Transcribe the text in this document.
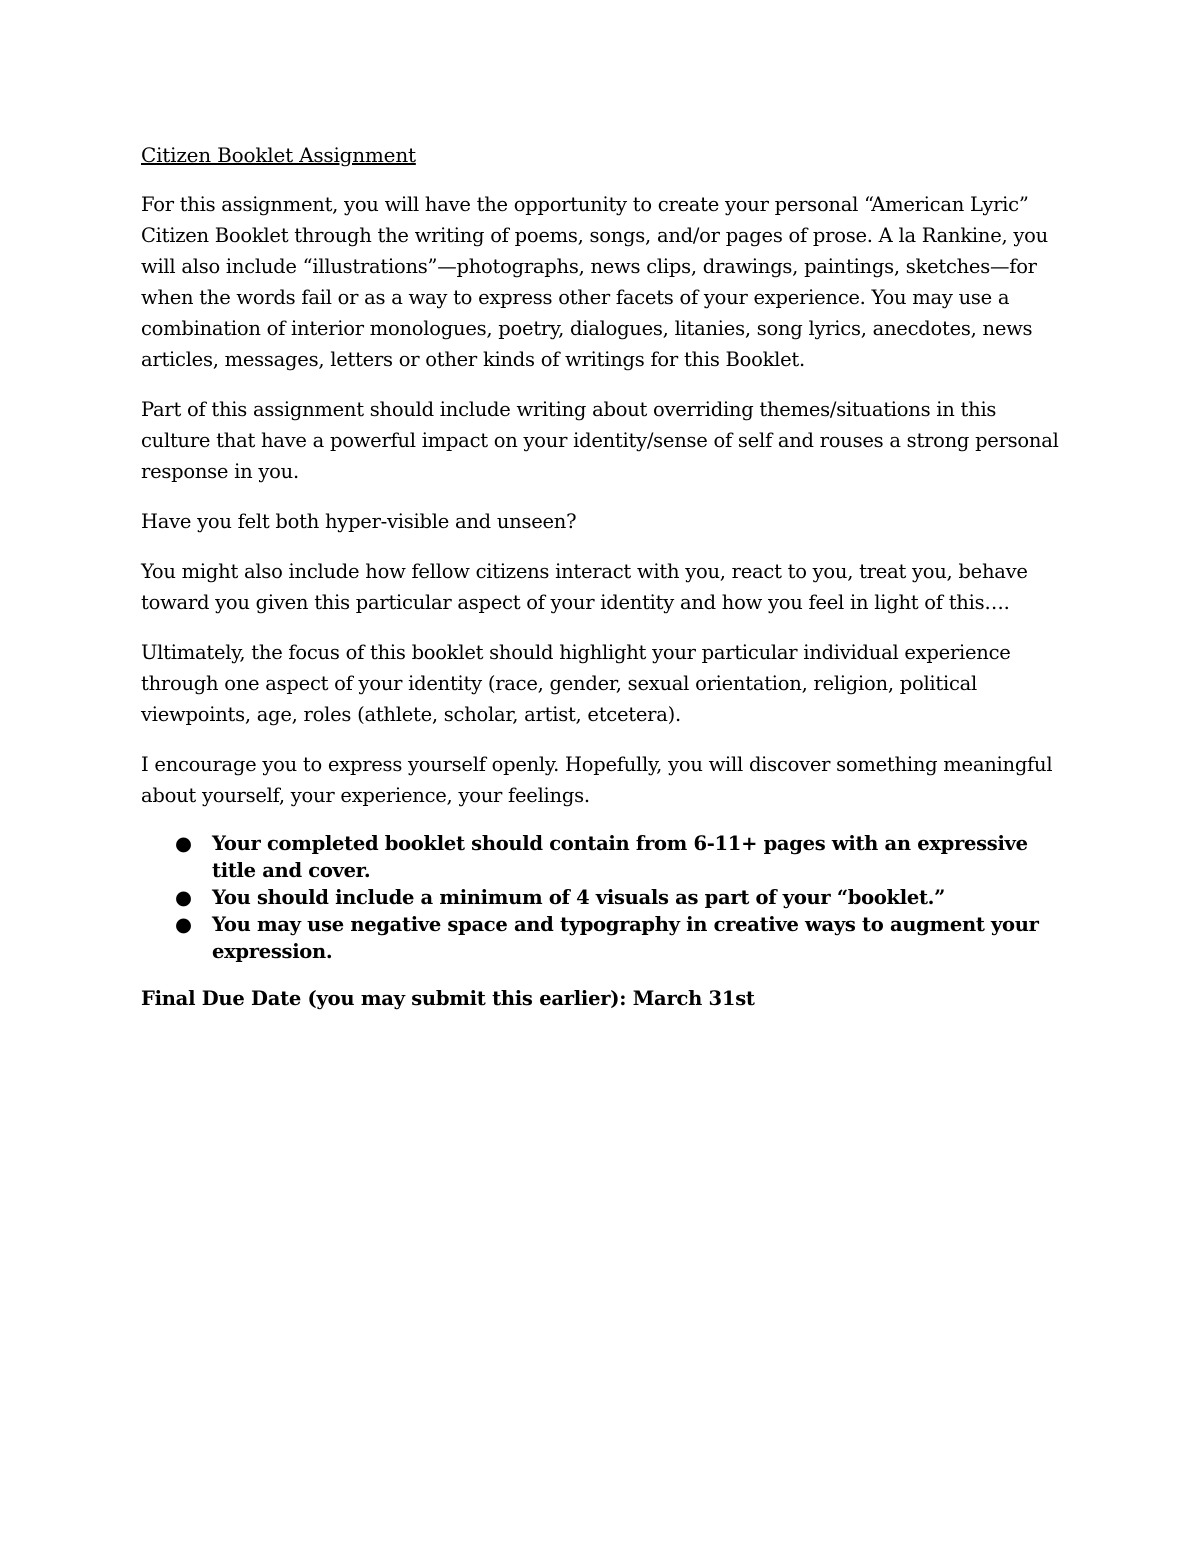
Citizen Booklet Assignment

For this assignment, you will have the opportunity to create your personal “American Lyric” Citizen Booklet through the writing of poems, songs, and/or pages of prose. A la Rankine, you will also include “illustrations”—photographs, news clips, drawings, paintings, sketches—for when the words fail or as a way to express other facets of your experience. You may use a combination of interior monologues, poetry, dialogues, litanies, song lyrics, anecdotes, news articles, messages, letters or other kinds of writings for this Booklet.

Part of this assignment should include writing about overriding themes/situations in this culture that have a powerful impact on your identity/sense of self and rouses a strong personal response in you.

Have you felt both hyper-visible and unseen?

You might also include how fellow citizens interact with you, react to you, treat you, behave toward you given this particular aspect of your identity and how you feel in light of this….

Ultimately, the focus of this booklet should highlight your particular individual experience through one aspect of your identity (race, gender, sexual orientation, religion, political viewpoints, age, roles (athlete, scholar, artist, etcetera).

I encourage you to express yourself openly. Hopefully, you will discover something meaningful about yourself, your experience, your feelings.

● Your completed booklet should contain from 6-11+ pages with an expressive title and cover.
● You should include a minimum of 4 visuals as part of your “booklet.”
● You may use negative space and typography in creative ways to augment your expression.

Final Due Date (you may submit this earlier): March 31st
